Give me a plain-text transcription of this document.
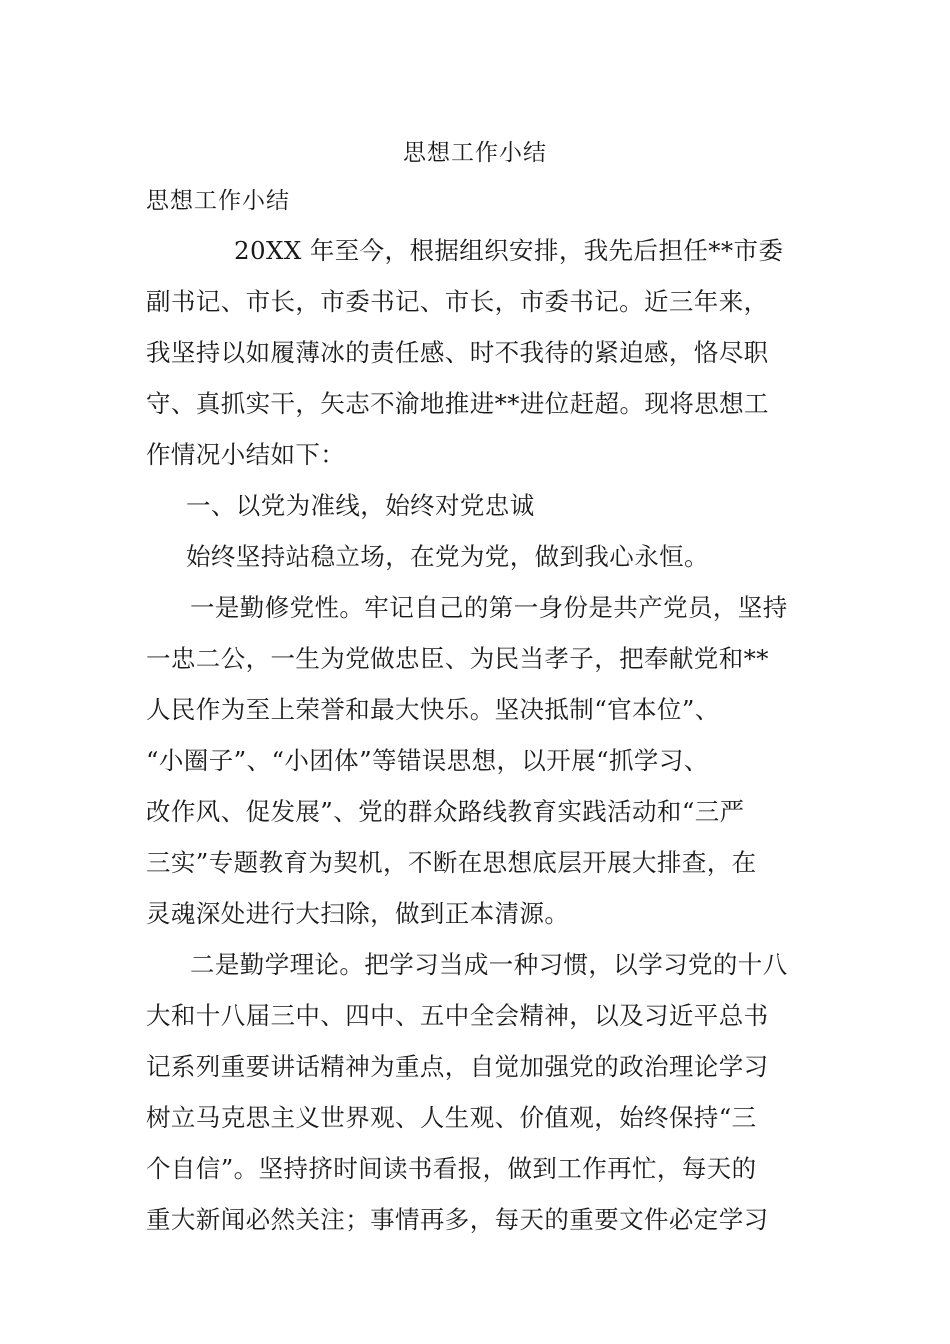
思想工作小结
思想工作小结
20XX 年至今，根据组织安排，我先后担任**市委
副书记、市长，市委书记、市长，市委书记。近三年来，
我坚持以如履薄冰的责任感、时不我待的紧迫感，恪尽职
守、真抓实干，矢志不渝地推进**进位赶超。现将思想工
作情况小结如下：
一、以党为准线，始终对党忠诚
始终坚持站稳立场，在党为党，做到我心永恒。
一是勤修党性。牢记自己的第一身份是共产党员，坚持
一忠二公，一生为党做忠臣、为民当孝子，把奉献党和**
人民作为至上荣誉和最大快乐。坚决抵制“官本位”、
“小圈子”、“小团体”等错误思想，以开展“抓学习、
改作风、促发展”、党的群众路线教育实践活动和“三严
三实”专题教育为契机，不断在思想底层开展大排查，在
灵魂深处进行大扫除，做到正本清源。
二是勤学理论。把学习当成一种习惯，以学习党的十八
大和十八届三中、四中、五中全会精神，以及习近平总书
记系列重要讲话精神为重点，自觉加强党的政治理论学习
树立马克思主义世界观、人生观、价值观，始终保持“三
个自信”。坚持挤时间读书看报，做到工作再忙，每天的
重大新闻必然关注；事情再多，每天的重要文件必定学习
